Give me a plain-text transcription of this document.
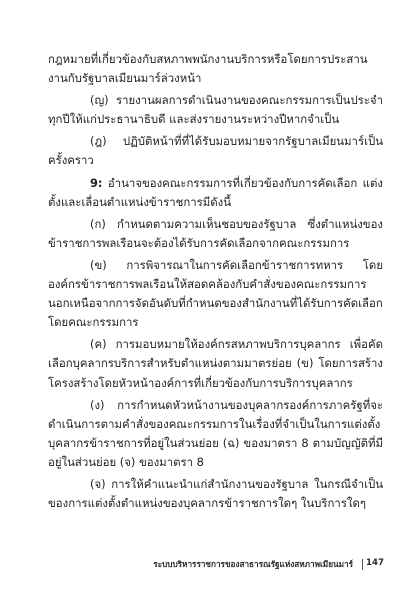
กฎหมายที่เกี่ยวข้องกับสหภาพพนักงานบริการหรือโดยการประสานงานกับรัฐบาลเมียนมาร์ล่วงหน้า

(ญ) รายงานผลการดำเนินงานของคณะกรรมการเป็นประจำทุกปีให้แก่ประธานาธิบดี และส่งรายงานระหว่างปีหากจำเป็น

(ฎ) ปฏิบัติหน้าที่ที่ได้รับมอบหมายจากรัฐบาลเมียนมาร์เป็นครั้งคราว

9: อำนาจของคณะกรรมการที่เกี่ยวข้องกับการคัดเลือก แต่งตั้งและเลื่อนตำแหน่งข้าราชการมีดังนี้

(ก) กำหนดตามความเห็นชอบของรัฐบาล ซึ่งตำแหน่งของข้าราชการพลเรือนจะต้องได้รับการคัดเลือกจากคณะกรรมการ

(ข) การพิจารณาในการคัดเลือกข้าราชการทหาร โดยองค์กรข้าราชการพลเรือนให้สอดคล้องกับคำสั่งของคณะกรรมการ นอกเหนือจากการจัดอันดับที่กำหนดของสำนักงานที่ได้รับการคัดเลือกโดยคณะกรรมการ

(ค) การมอบหมายให้องค์กรสหภาพบริการบุคลากร เพื่อคัดเลือกบุคลากรบริการสำหรับตำแหน่งตามมาตรย่อย (ข) โดยการสร้างโครงสร้างโดยหัวหน้าองค์การที่เกี่ยวข้องกับการบริการบุคลากร

(ง) การกำหนดหัวหน้างานของบุคลากรองค์การภาครัฐที่จะดำเนินการตามคำสั่งของคณะกรรมการในเรื่องที่จำเป็นในการแต่งตั้งบุคลากรข้าราชการที่อยู่ในส่วนย่อย (ฉ) ของมาตรา 8 ตามบัญญัติที่มีอยู่ในส่วนย่อย (จ) ของมาตรา 8

(จ) การให้คำแนะนำแก่สำนักงานของรัฐบาล ในกรณีจำเป็นของการแต่งตั้งตำแหน่งของบุคลากรข้าราชการใดๆ ในบริการใดๆ

ระบบบริหารราชการของสาธารณรัฐแห่งสหภาพเมียนมาร์ 147
